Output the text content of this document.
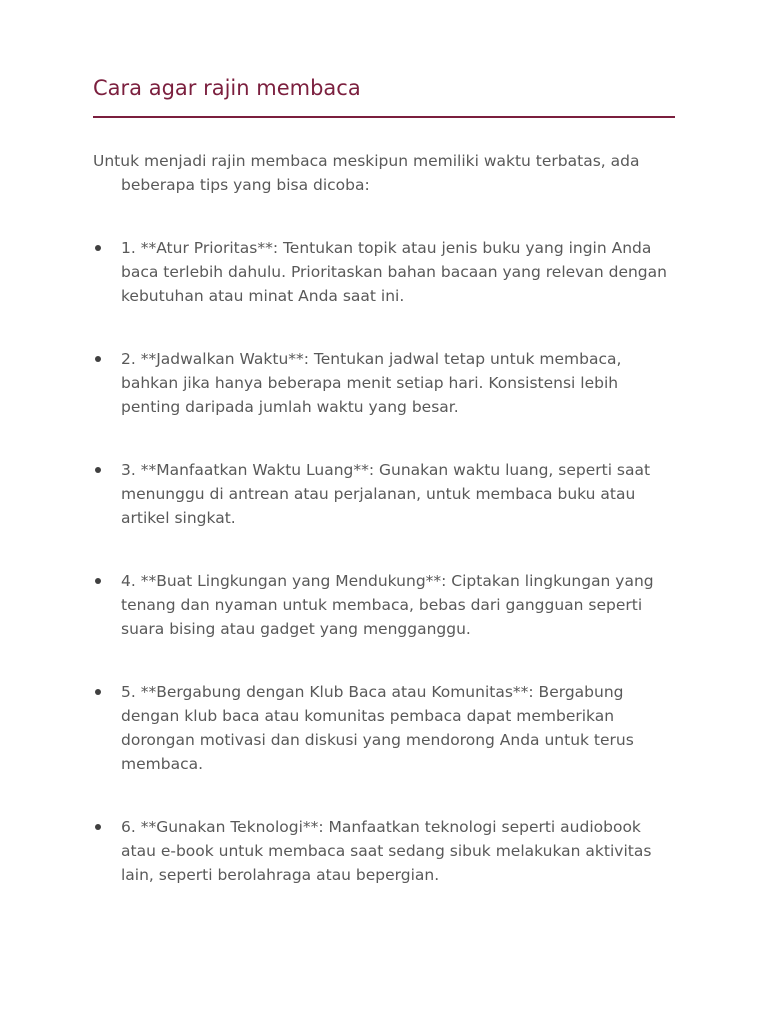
Cara agar rajin membaca

Untuk menjadi rajin membaca meskipun memiliki waktu terbatas, ada beberapa tips yang bisa dicoba:

1. **Atur Prioritas**: Tentukan topik atau jenis buku yang ingin Anda baca terlebih dahulu. Prioritaskan bahan bacaan yang relevan dengan kebutuhan atau minat Anda saat ini.
2. **Jadwalkan Waktu**: Tentukan jadwal tetap untuk membaca, bahkan jika hanya beberapa menit setiap hari. Konsistensi lebih penting daripada jumlah waktu yang besar.
3. **Manfaatkan Waktu Luang**: Gunakan waktu luang, seperti saat menunggu di antrean atau perjalanan, untuk membaca buku atau artikel singkat.
4. **Buat Lingkungan yang Mendukung**: Ciptakan lingkungan yang tenang dan nyaman untuk membaca, bebas dari gangguan seperti suara bising atau gadget yang mengganggu.
5. **Bergabung dengan Klub Baca atau Komunitas**: Bergabung dengan klub baca atau komunitas pembaca dapat memberikan dorongan motivasi dan diskusi yang mendorong Anda untuk terus membaca.
6. **Gunakan Teknologi**: Manfaatkan teknologi seperti audiobook atau e-book untuk membaca saat sedang sibuk melakukan aktivitas lain, seperti berolahraga atau bepergian.
